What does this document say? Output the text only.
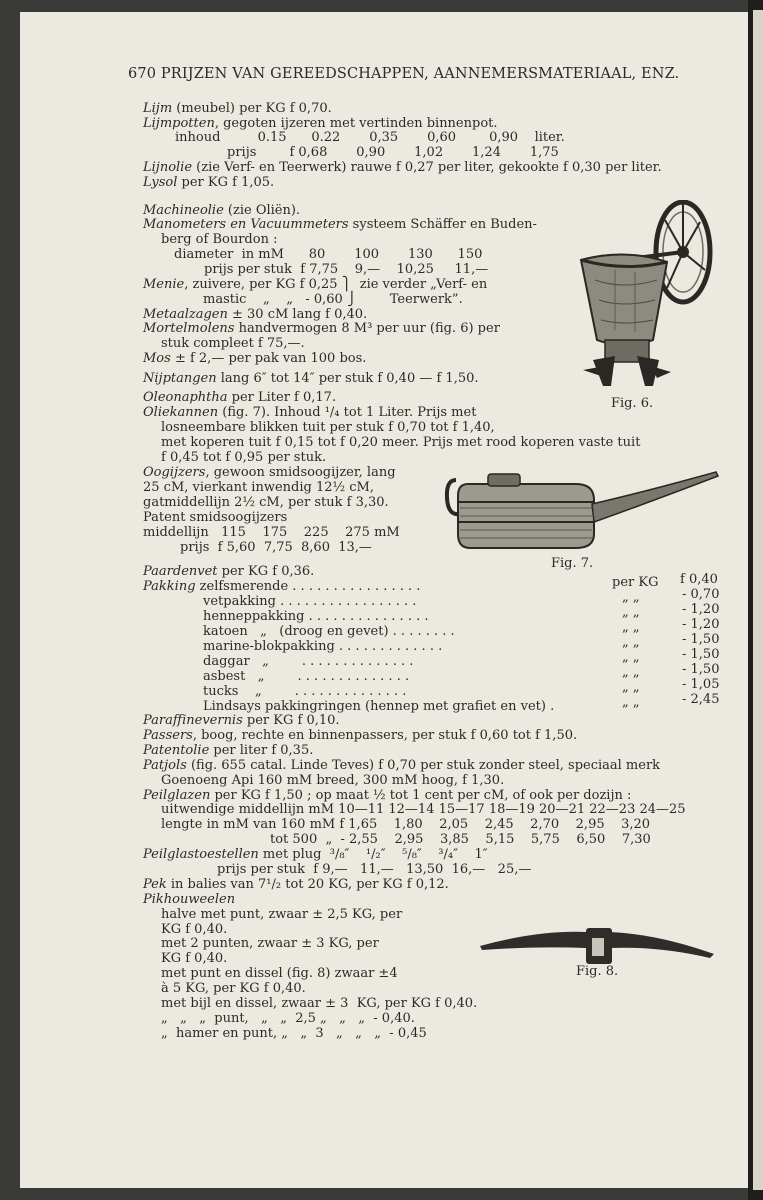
670 PRIJZEN VAN GEREEDSCHAPPEN, AANNEMERSMATERIAAL, ENZ.
Lijm (meubel) per KG f 0,70.
Lijmpotten, gegoten ijzeren met vertinden binnenpot.
inhoud         0.15      0.22       0,35       0,60        0,90    liter.
prijs        f 0,68       0,90       1,02       1,24       1,75
Lijnolie (zie Verf- en Teerwerk) rauwe f 0,27 per liter, gekookte f 0,30 per liter.
Lysol per KG f 1,05.
Machineolie (zie Oliën).
Manometers en Vacuummeters systeem Schäffer en Buden-
berg of Bourdon :
diameter  in mM      80       100       130      150
prijs per stuk  f 7,75    9,—    10,25     11,—
Menie, zuivere, per KG f 0,25 ⎫  zie verder „Verf- en
mastic    „    „   - 0,60 ⎭        Teerwerk”.
Metaalzagen ± 30 cM lang f 0,40.
Mortelmolens handvermogen 8 M³ per uur (fig. 6) per
stuk compleet f 75,—.
Mos ± f 2,— per pak van 100 bos.
Nijptangen lang 6″ tot 14″ per stuk f 0,40 — f 1,50.
Oleonaphtha per Liter f 0,17.
Oliekannen (fig. 7). Inhoud ¹/₄ tot 1 Liter. Prijs met
losneembare blikken tuit per stuk f 0,70 tot f 1,40,
met koperen tuit f 0,15 tot f 0,20 meer. Prijs met rood koperen vaste tuit
f 0,45 tot f 0,95 per stuk.
Oogijzers, gewoon smidsoogijzer, lang
25 cM, vierkant inwendig 12½ cM,
gatmiddellijn 2½ cM, per stuk f 3,30.
Patent smidsoogijzers
middellijn   115    175    225    275 mM
prijs  f 5,60  7,75  8,60  13,—
Paardenvet per KG f 0,36.
Pakking zelfsmerende . . . . . . . . . . . . . . . .
vetpakking . . . . . . . . . . . . . . . . .
henneppakking . . . . . . . . . . . . . . .
katoen   „   (droog en gevet) . . . . . . . .
marine-blokpakking . . . . . . . . . . . . .
daggar   „        . . . . . . . . . . . . . .
asbest   „        . . . . . . . . . . . . . .
tucks    „        . . . . . . . . . . . . . .
Lindsays pakkingringen (hennep met grafiet en vet) .
Paraffinevernis per KG f 0,10.
Passers, boog, rechte en binnenpassers, per stuk f 0,60 tot f 1,50.
Patentolie per liter f 0,35.
Patjols (fig. 655 catal. Linde Teves) f 0,70 per stuk zonder steel, speciaal merk
Goenoeng Api 160 mM breed, 300 mM hoog, f 1,30.
Peilglazen per KG f 1,50 ; op maat ½ tot 1 cent per cM, of ook per dozijn :
uitwendige middellijn mM 10—11 12—14 15—17 18—19 20—21 22—23 24—25
lengte in mM van 160 mM f 1,65    1,80    2,05    2,45    2,70    2,95    3,20
tot 500  „  - 2,55    2,95    3,85    5,15    5,75    6,50    7,30
Peilglastoestellen met plug  ³/₈″    ¹/₂″    ⁵/₈″    ³/₄″    1″
prijs per stuk  f 9,—   11,—   13,50  16,—   25,—
Pek in balies van 7¹/₂ tot 20 KG, per KG f 0,12.
Pikhouweelen
halve met punt, zwaar ± 2,5 KG, per
KG f 0,40.
met 2 punten, zwaar ± 3 KG, per
KG f 0,40.
met punt en dissel (fig. 8) zwaar ±4
à 5 KG, per KG f 0,40.
met bijl en dissel, zwaar ± 3  KG, per KG f 0,40.
„   „   „  punt,   „   „  2,5 „   „   „  - 0,40.
„  hamer en punt, „   „  3   „   „   „  - 0,45
Fig. 6.
Fig. 7.
Fig. 8.
per KG
„ „
„ „
„ „
„ „
„ „
„ „
„ „
„ „
f 0,40
- 0,70
- 1,20
- 1,20
- 1,50
- 1,50
- 1,50
- 1,05
- 2,45
